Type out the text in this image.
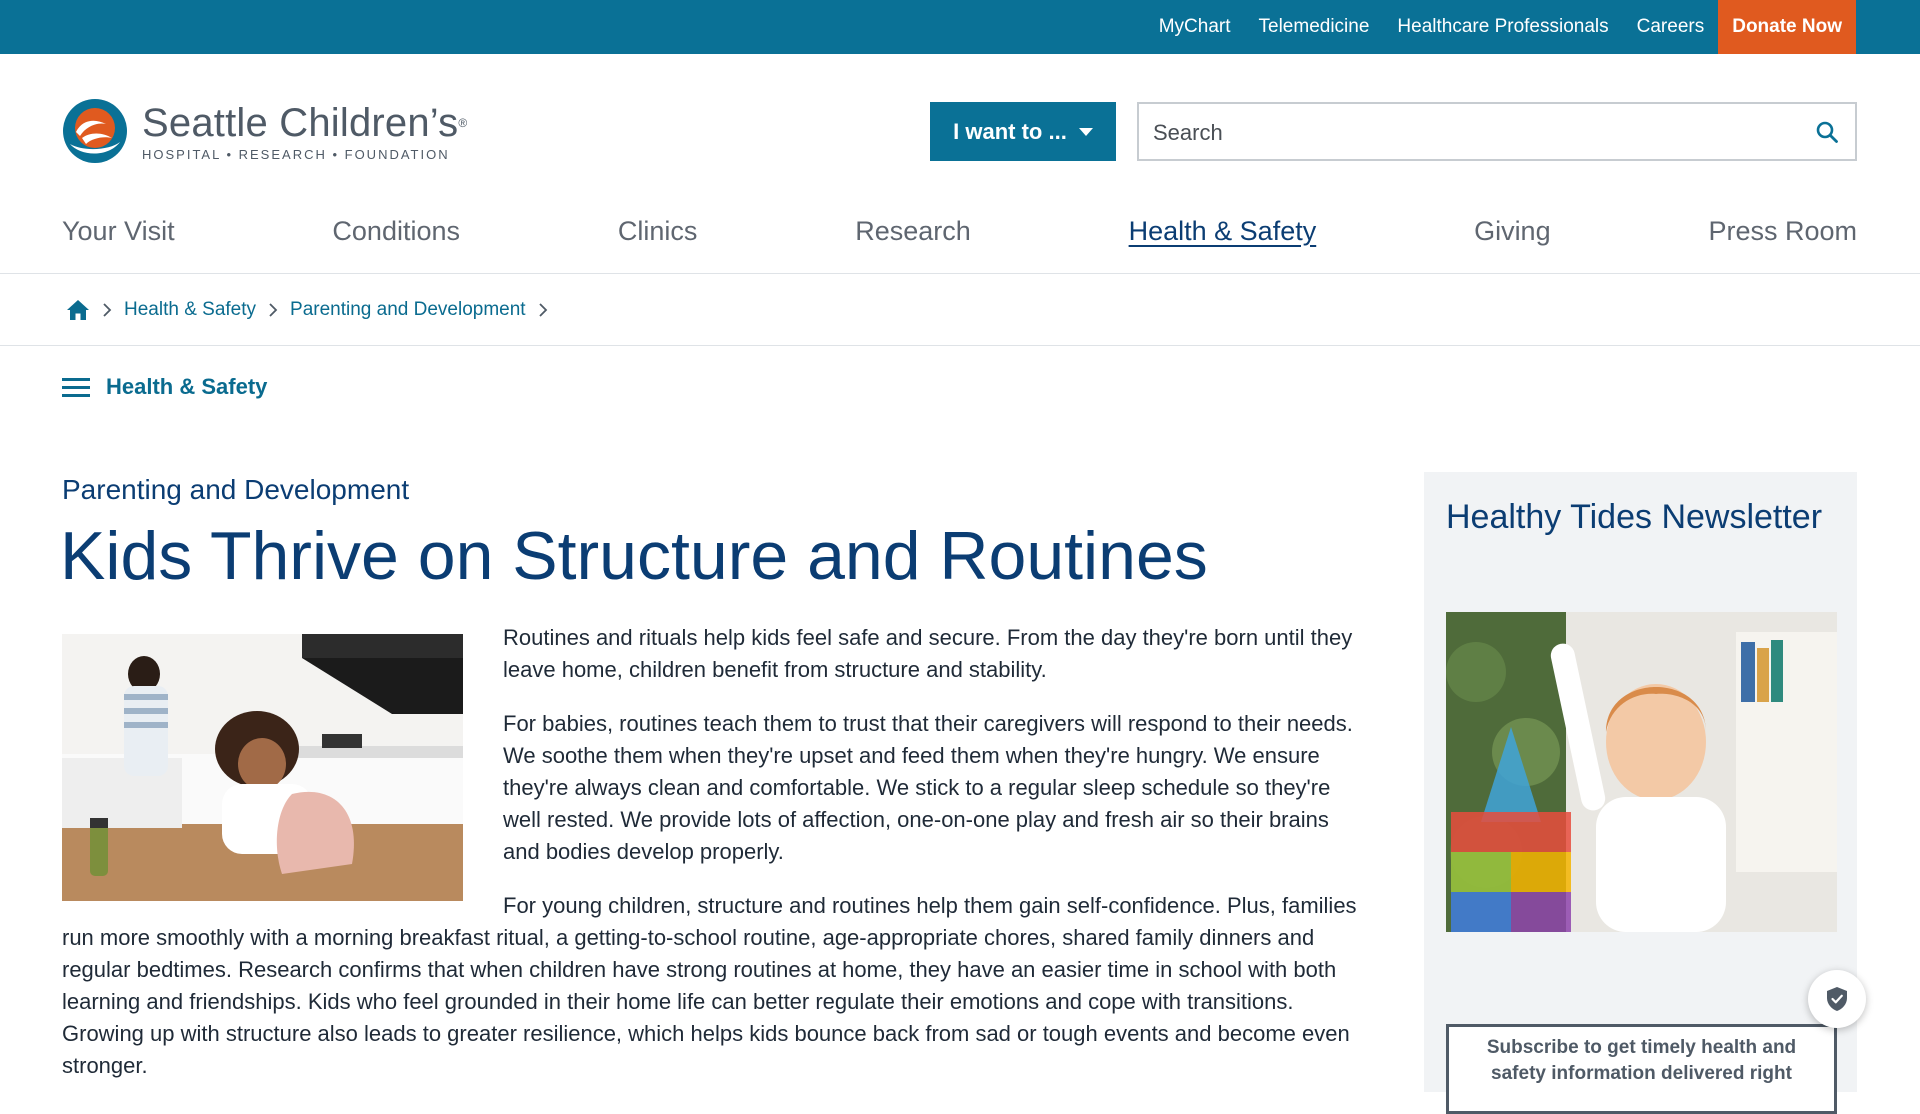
MyChart Telemedicine Healthcare Professionals Careers	Donate Now
Seattle Children’s®
HOSPITAL • RESEARCH • FOUNDATION
I want to ...
Search
Your Visit	Conditions	Clinics	Research	Health & Safety	Giving	Press Room
Health & Safety Parenting and Development
Health & Safety
Parenting and Development
Kids Thrive on Structure and Routines

Routines and rituals help kids feel safe and secure. From the day they're born until they leave home, children benefit from structure and stability.

For babies, routines teach them to trust that their caregivers will respond to their needs. We soothe them when they're upset and feed them when they're hungry. We ensure they're always clean and comfortable. We stick to a regular sleep schedule so they're well rested. We provide lots of affection, one-on-one play and fresh air so their brains and bodies develop properly.

For young children, structure and routines help them gain self-confidence. Plus, families run more smoothly with a morning breakfast ritual, a getting-to-school routine, age-appropriate chores, shared family dinners and regular bedtimes. Research confirms that when children have strong routines at home, they have an easier time in school with both learning and friendships. Kids who feel grounded in their home life can better regulate their emotions and cope with transitions. Growing up with structure also leads to greater resilience, which helps kids bounce back from sad or tough events and become even stronger.

Healthy Tides Newsletter
Subscribe to get timely health and safety information delivered right
